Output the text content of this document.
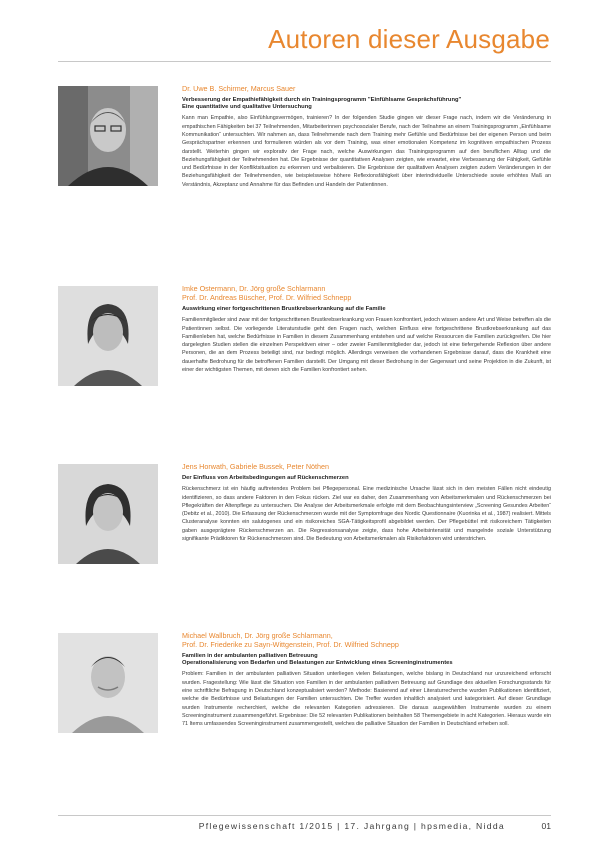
Autoren dieser Ausgabe

Dr. Uwe B. Schirmer, Marcus Sauer

Verbesserung der Empathiefähigkeit durch ein Trainingsprogramm "Einfühlsame Gesprächsführung"
Eine quantitative und qualitative Untersuchung

Kann man Empathie, also Einfühlungsvermögen, trainieren? In der folgenden Studie gingen wir dieser Frage nach, indem wir die Veränderung in empathischen Fähigkeiten bei 37 Teilnehmenden, Mitarbeiterinnen psychosozialer Berufe, nach der Teilnahme an einem Trainingsprogramm „Einfühlsame Kommunikation“ untersuchten. Wir nahmen an, dass Teilnehmende nach dem Training mehr Gefühle und Bedürfnisse bei der eigenen Person und beim Gesprächspartner erkennen und formulieren würden als vor dem Training, was einer emotionalen Kompetenz im kognitiven empathischen Prozess darstellt. Weiterhin gingen wir explorativ der Frage nach, welche Auswirkungen das Trainingsprogramm auf den beruflichen Alltag und die Beziehungsfähigkeit der Teilnehmenden hat. Die Ergebnisse der quantitativen Analysen zeigten, wie erwartet, eine Verbesserung der Fähigkeit, Gefühle und Bedürfnisse in der Konfliktsituation zu erkennen und verbalisieren. Die Ergebnisse der qualitativen Analysen zeigten zudem Veränderungen in der Beziehungsfähigkeit der Teilnehmenden, wie beispielsweise höhere Reflexionsfähigkeit über interindividuelle Unterschiede sowie erhöhtes Maß an Verständnis, Akzeptanz und Annahme für das Befinden und Handeln der Patientinnen.

Imke Ostermann, Dr. Jörg große Schlarmann
Prof. Dr. Andreas Büscher, Prof. Dr. Wilfried Schnepp

Auswirkung einer fortgeschrittenen Brustkrebserkrankung auf die Familie

Familienmitglieder sind zwar mit der fortgeschrittenen Brustkrebserkrankung von Frauen konfrontiert, jedoch wissen andere Art und Weise betreffen als die Patientinnen selbst. Die vorliegende Literaturstudie geht den Fragen nach, welchen Einfluss eine fortgeschrittene Brustkrebserkrankung auf das Familienleben hat, welche Bedürfnisse in Familien in diesem Zusammenhang entstehen und auf welche Ressourcen die Familien zurückgreifen. Die hier dargelegten Studien stellen die einzelnen Perspektiven einer – oder zweier Familienmitglieder dar, jedoch ist eine tiefergehende Reflexion über andere Personen, die an dem Prozess beteiligt sind, nur bedingt möglich. Allerdings verweisen die vorhandenen Ergebnisse darauf, dass die Krankheit eine dauerhafte Bedrohung für die betroffenen Familien darstellt. Der Umgang mit dieser Bedrohung in der Gegenwart und seine Projektion in die Zukunft, ist einer der wichtigsten Themen, mit denen sich die Familien konfrontiert sehen.

Jens Horwath, Gabriele Bussek, Peter Nöthen

Der Einfluss von Arbeitsbedingungen auf Rückenschmerzen

Rückenschmerz ist ein häufig auftretendes Problem bei Pflegepersonal. Eine medizinische Ursache lässt sich in den meisten Fällen nicht eindeutig identifizieren, so dass andere Faktoren in den Fokus rücken. Ziel war es daher, den Zusammenhang von Arbeitsmerkmalen und Rückenschmerzen bei Pflegekräften der Altenpflege zu untersuchen. Die Analyse der Arbeitsmerkmale erfolgte mit dem Beobachtungsinterview „Screening Gesundes Arbeiten“ (Debitz et al., 2010). Die Erfassung der Rückenschmerzen wurde mit der Symptomfrage des Nordic Questionnaire (Kuorinka et al., 1987) realisiert. Mittels Clusteranalyse konnten ein salutogenes und ein risikoreiches SGA-Tätigkeitsprofil abgebildet werden. Der Pflegebüttel mit risikoreichem Tätigkeiten gaben ausgeprägtere Rückenschmerzen an. Die Regressionsanalyse zeigte, dass hohe Arbeitsintensität und mangelnde soziale Unterstützung signifikante Prädiktoren für Rückenschmerzen sind. Die Bedeutung von Arbeitsmerkmalen als Risikofaktoren wird unterstrichen.

Michael Wallbruch, Dr. Jörg große Schlarmann,
Prof. Dr. Friederike zu Sayn-Wittgenstein, Prof. Dr. Wilfried Schnepp

Familien in der ambulanten palliativen Betreuung
Operationalisierung von Bedarfen und Belastungen zur Entwicklung eines Screeninginstrumentes

Problem: Familien in der ambulanten palliativen Situation unterliegen vielen Belastungen, welche bislang in Deutschland nur unzureichend erforscht wurden. Fragestellung: Wie lässt die Situation von Familien in der ambulanten palliativen Betreuung auf Grundlage des aktuellen Forschungsstands für eine schriftliche Befragung in Deutschland konzeptualisiert werden? Methode: Basierend auf einer Literaturrecherche wurden Publikationen identifiziert, welche die Bedürfnisse und Belastungen der Familien untersuchten. Die Treffer wurden inhaltlich analysiert und kategorisiert. Auf dieser Grundlage wurden Instrumente recherchiert, welche die relevanten Kategorien adressieren. Die daraus ausgewählten Instrumente wurden zu einem Screeninginstrument zusammengeführt. Ergebnisse: Die 52 relevanten Publikationen beinhalten 58 Themengebiete in acht Kategorien. Hieraus wurde ein 71 Items umfassendes Screeninginstrument zusammengestellt, welches die palliative Situation der Familien in Deutschland erheben soll.

Pflegewissenschaft 1/2015 | 17. Jahrgang | hpsmedia, Nidda	01
